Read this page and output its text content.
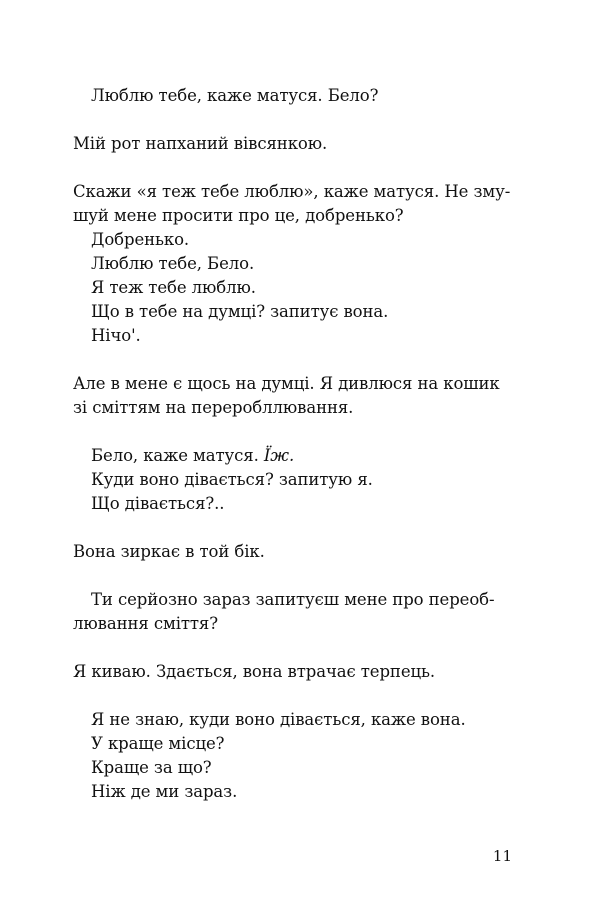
Люблю тебе, каже матуся. Бело?
Мій рот напханий вівсянкою.
Скажи «я теж тебе люблю», каже матуся. Не зму-
шуй мене просити про це, добренько?
Добренько.
Люблю тебе, Бело.
Я теж тебе люблю.
Що в тебе на думці? запитує вона.
Нічо'.
Але в мене є щось на думці. Я дивлюся на кошик
зі сміттям на переробллювання.
Бело, каже матуся. Їж.
Куди воно дівається? запитую я.
Що дівається?..
Вона зиркає в той бік.
Ти серйозно зараз запитуєш мене про переоб-
лювання сміття?
Я киваю. Здається, вона втрачає терпець.
Я не знаю, куди воно дівається, каже вона.
У краще місце?
Краще за що?
Ніж де ми зараз.
11
